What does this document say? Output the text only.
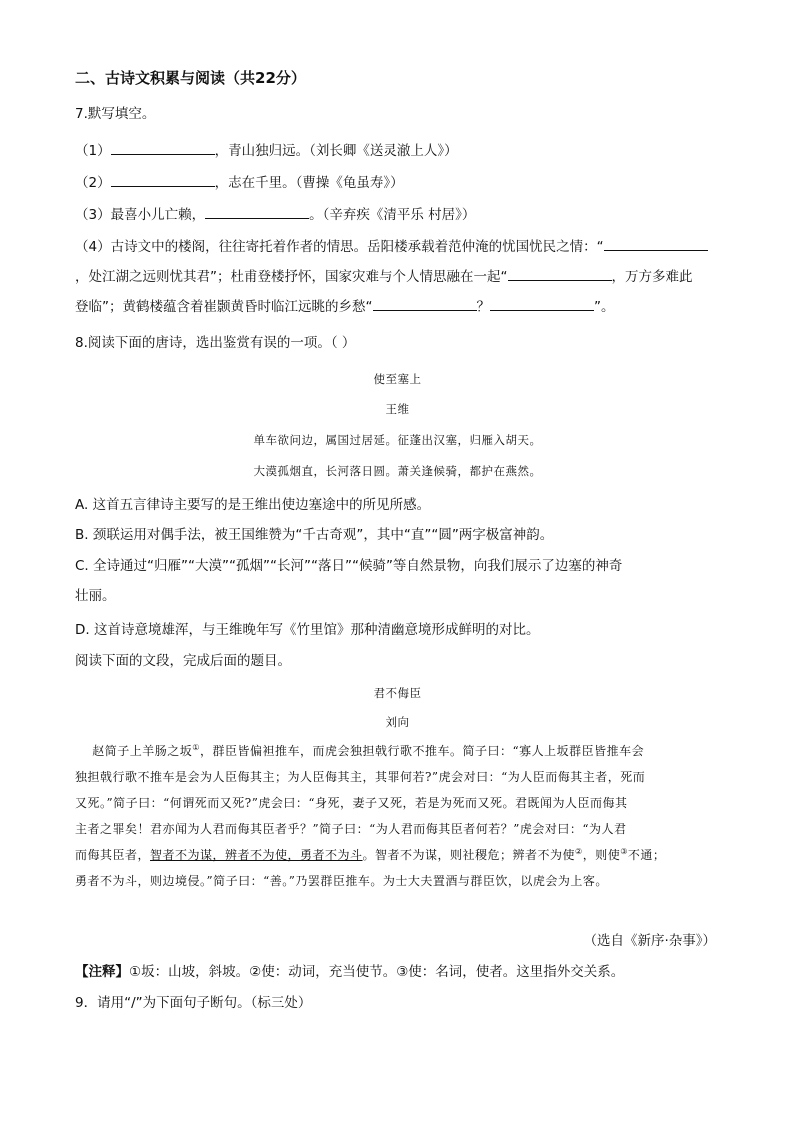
二、古诗文积累与阅读（共22分）
7.默写填空。
（1）	，青山独归远。（刘长卿《送灵澈上人》）
（2）	，志在千里。（曹操《龟虽寿》）
（3）最喜小儿亡赖，	。（辛弃疾《清平乐 村居》）
（4）古诗文中的楼阁，往往寄托着作者的情思。岳阳楼承载着范仲淹的忧国忧民之情：“
，处江湖之远则忧其君”；杜甫登楼抒怀，国家灾难与个人情思融在一起“	，万方多难此
登临”；黄鹤楼蕴含着崔颢黄昏时临江远眺的乡愁“	？	”。
8.阅读下面的唐诗，选出鉴赏有误的一项。（ ）
使至塞上
王维
单车欲问边，属国过居延。征蓬出汉塞，归雁入胡天。
大漠孤烟直，长河落日圆。萧关逢候骑，都护在燕然。
A. 这首五言律诗主要写的是王维出使边塞途中的所见所感。
B. 颈联运用对偶手法，被王国维赞为“千古奇观”，其中“直”“圆”两字极富神韵。
C. 全诗通过“归雁”“大漠”“孤烟”“长河”“落日”“候骑”等自然景物，向我们展示了边塞的神奇
壮丽。
D. 这首诗意境雄浑，与王维晚年写《竹里馆》那种清幽意境形成鲜明的对比。
阅读下面的文段，完成后面的题目。
君不侮臣
刘向

赵简子上羊肠之坂①，群臣皆偏袒推车，而虎会独担戟行歌不推车。简子曰：“寡人上坂群臣皆推车会

独担戟行歌不推车是会为人臣侮其主；为人臣侮其主，其罪何若?”虎会对曰：“为人臣而侮其主者，死而

又死。”简子曰：“何谓死而又死?”虎会曰：“身死，妻子又死，若是为死而又死。君既闻为人臣而侮其

主者之罪矣！君亦闻为人君而侮其臣者乎？”简子曰：“为人君而侮其臣者何若？”虎会对曰：“为人君

而侮其臣者，智者不为谋，辨者不为使，勇者不为斗。智者不为谋，则社稷危；辨者不为使②，则使③不通；

勇者不为斗，则边境侵。”简子曰：“善。”乃罢群臣推车。为士大夫置酒与群臣饮，以虎会为上客。

（选自《新序·杂事》）
【注释】①坂：山坡，斜坡。②使：动词，充当使节。③使：名词，使者。这里指外交关系。
9．请用“/”为下面句子断句。（标三处）
